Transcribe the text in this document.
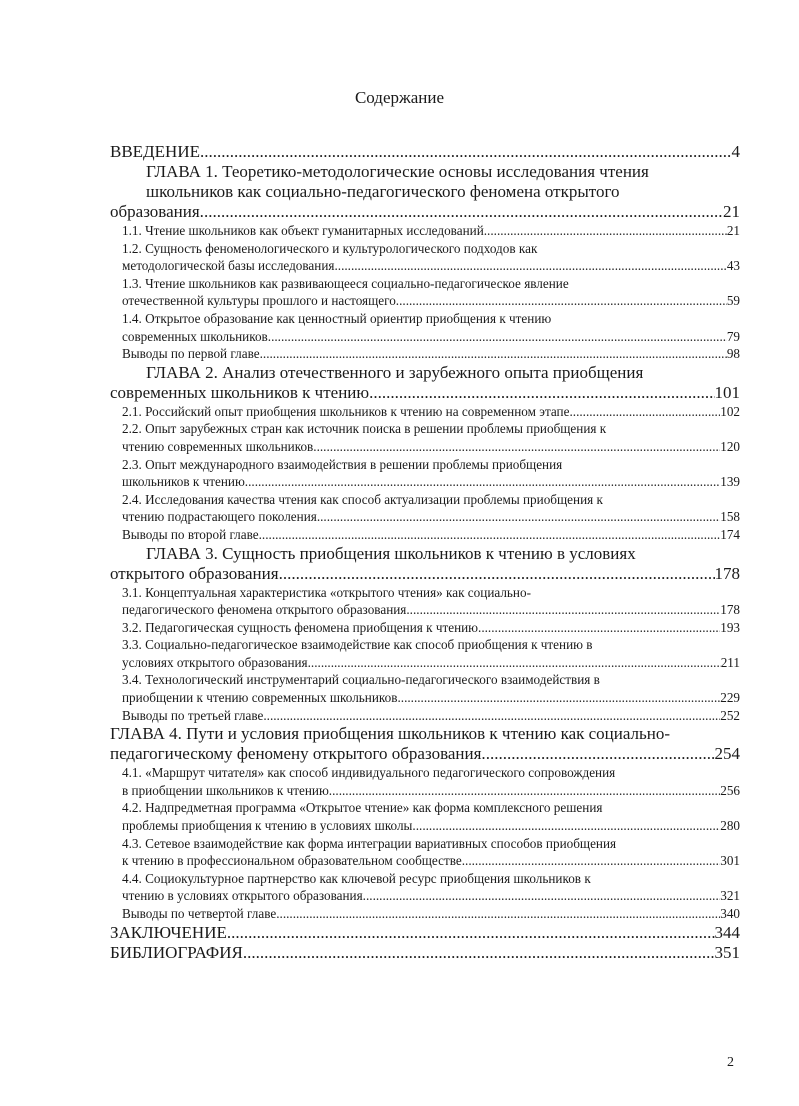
Содержание
ВВЕДЕНИЕ .....	4
ГЛАВА 1. Теоретико-методологические основы исследования чтения
школьников как социально-педагогического феномена открытого
образования. .....	21
1.1. Чтение школьников как объект гуманитарных исследований .....	21
1.2. Сущность феноменологического и культурологического подходов как
методологической базы исследования. .....	43
1.3. Чтение школьников как развивающееся социально-педагогическое явление
отечественной культуры прошлого и настоящего. .....	59
1.4. Открытое образование как ценностный ориентир приобщения к чтению
современных школьников. .....	79
Выводы по первой главе. .....	98
ГЛАВА 2. Анализ отечественного и зарубежного опыта приобщения
современных школьников к чтению. .....	101
2.1. Российский опыт приобщения школьников к чтению на современном этапе. .....	102
2.2. Опыт зарубежных стран как источник поиска в решении проблемы приобщения к
чтению современных школьников. .....	120
2.3. Опыт международного взаимодействия в решении проблемы приобщения
школьников к чтению. .....	139
2.4. Исследования качества чтения как способ актуализации проблемы приобщения к
чтению подрастающего поколения. .....	158
Выводы по второй главе. .....	174
ГЛАВА 3. Сущность приобщения школьников к чтению в условиях
открытого образования. .....	178
3.1. Концептуальная характеристика «открытого чтения» как социально-
педагогического феномена открытого образования. .....	178
3.2. Педагогическая сущность феномена приобщения к чтению. .....	193
3.3. Социально-педагогическое взаимодействие как способ приобщения к чтению в
условиях открытого образования. .....	211
3.4. Технологический инструментарий социально-педагогического взаимодействия в
приобщении к чтению современных школьников. .....	229
Выводы по третьей главе. .....	252
ГЛАВА 4. Пути и условия приобщения школьников к чтению как социально-
педагогическому феномену открытого образования. .....	254
4.1. «Маршрут читателя» как способ индивидуального педагогического сопровождения
в приобщении школьников к чтению. .....	256
4.2. Надпредметная программа «Открытое чтение» как форма комплексного решения
проблемы приобщения к чтению в условиях школы. .....	280
4.3. Сетевое взаимодействие как форма интеграции вариативных способов приобщения
к чтению в профессиональном образовательном сообществе. .....	301
4.4. Социокультурное партнерство как ключевой ресурс приобщения школьников к
чтению в условиях открытого образования. .....	321
Выводы по четвертой главе. .....	340
ЗАКЛЮЧЕНИЕ .....	344
БИБЛИОГРАФИЯ .....	351
2
